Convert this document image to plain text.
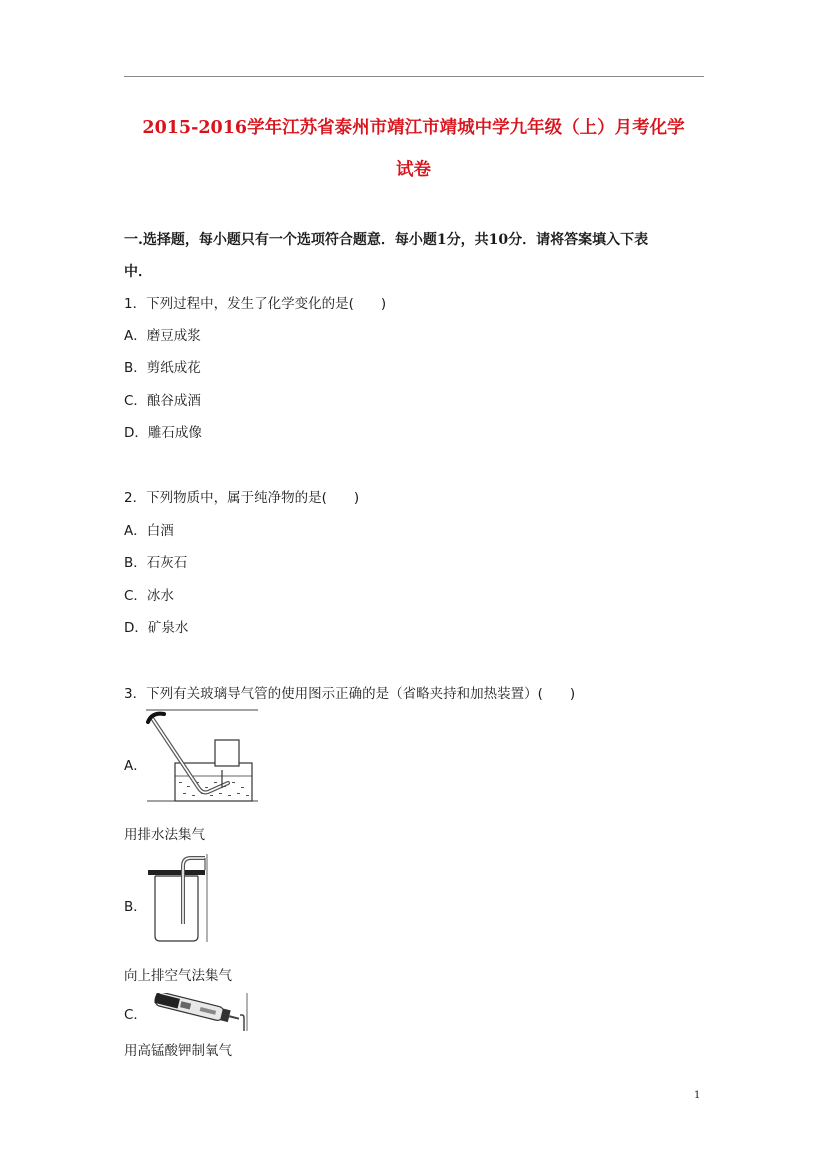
2015-2016学年江苏省泰州市靖江市靖城中学九年级（上）月考化学
试卷
一.选择题，每小题只有一个选项符合题意．每小题1分，共10分．请将答案填入下表
中．
1．下列过程中，发生了化学变化的是(　　)
A．磨豆成浆
B．剪纸成花
C．酿谷成酒
D．雕石成像
2．下列物质中，属于纯净物的是(　　)
A．白酒
B．石灰石
C．冰水
D．矿泉水
3．下列有关玻璃导气管的使用图示正确的是（省略夹持和加热装置）(　　)
A．
用排水法集气
B．
向上排空气法集气
C．
用高锰酸钾制氧气
1
